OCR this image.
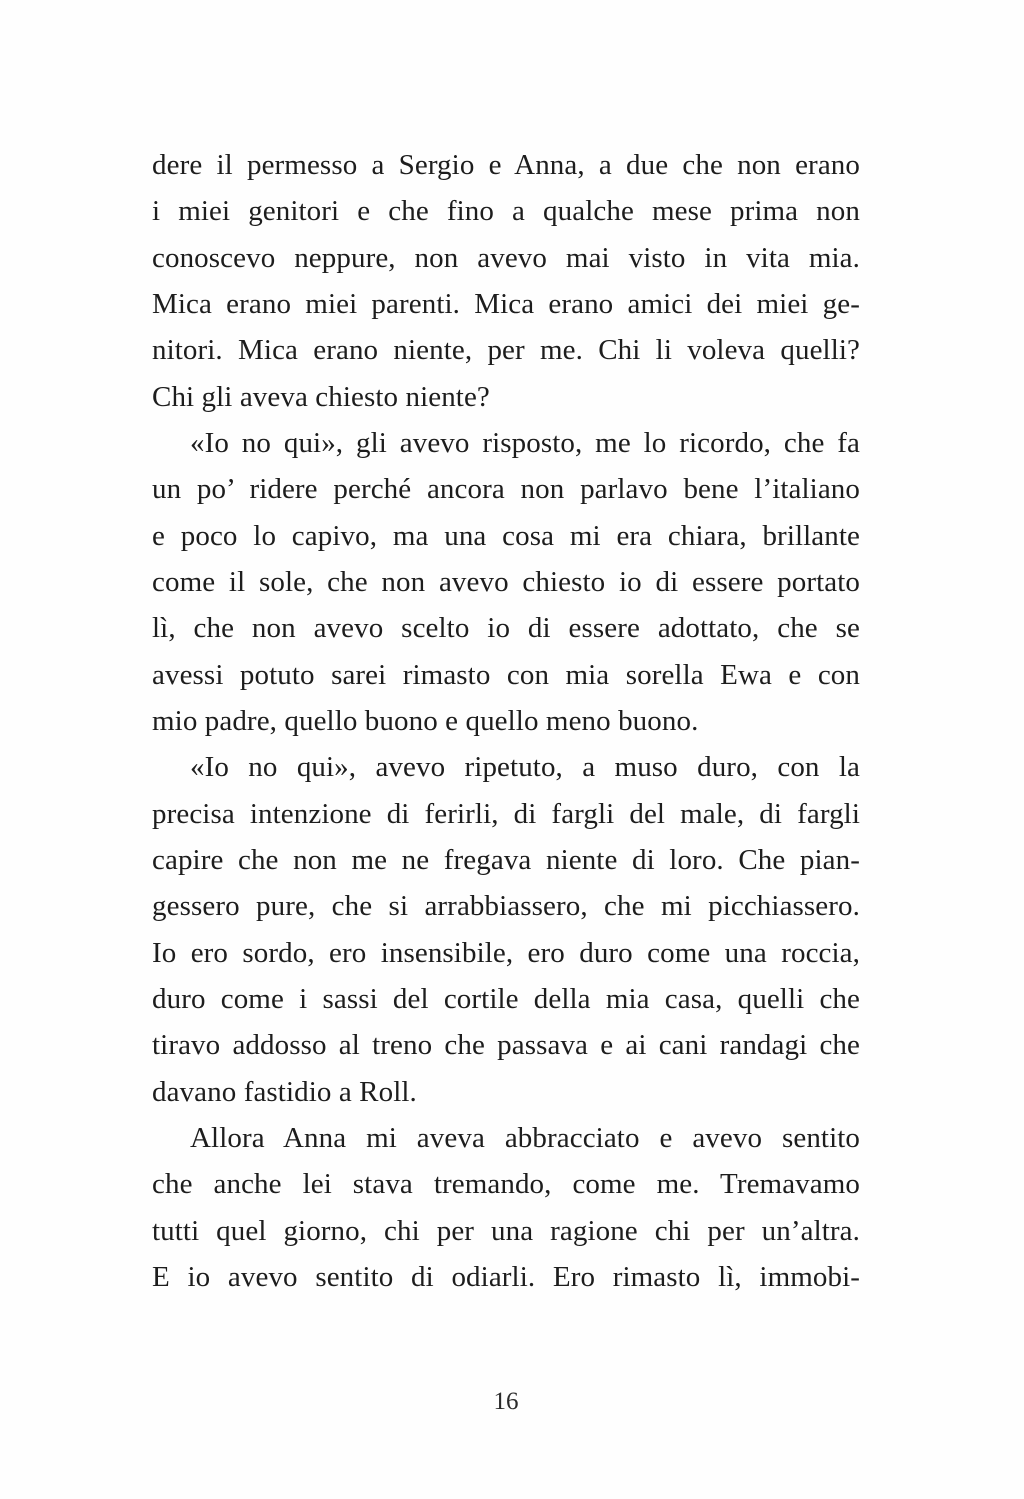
dere il permesso a Sergio e Anna, a due che non erano
i miei genitori e che fino a qualche mese prima non
conoscevo neppure, non avevo mai visto in vita mia.
Mica erano miei parenti. Mica erano amici dei miei ge-
nitori. Mica erano niente, per me. Chi li voleva quelli?
Chi gli aveva chiesto niente?
«Io no qui», gli avevo risposto, me lo ricordo, che fa
un po’ ridere perché ancora non parlavo bene l’italiano
e poco lo capivo, ma una cosa mi era chiara, brillante
come il sole, che non avevo chiesto io di essere portato
lì, che non avevo scelto io di essere adottato, che se
avessi potuto sarei rimasto con mia sorella Ewa e con
mio padre, quello buono e quello meno buono.
«Io no qui», avevo ripetuto, a muso duro, con la
precisa intenzione di ferirli, di fargli del male, di fargli
capire che non me ne fregava niente di loro. Che pian-
gessero pure, che si arrabbiassero, che mi picchiassero.
Io ero sordo, ero insensibile, ero duro come una roccia,
duro come i sassi del cortile della mia casa, quelli che
tiravo addosso al treno che passava e ai cani randagi che
davano fastidio a Roll.
Allora Anna mi aveva abbracciato e avevo sentito
che anche lei stava tremando, come me. Tremavamo
tutti quel giorno, chi per una ragione chi per un’altra.
E io avevo sentito di odiarli. Ero rimasto lì, immobi-
16
